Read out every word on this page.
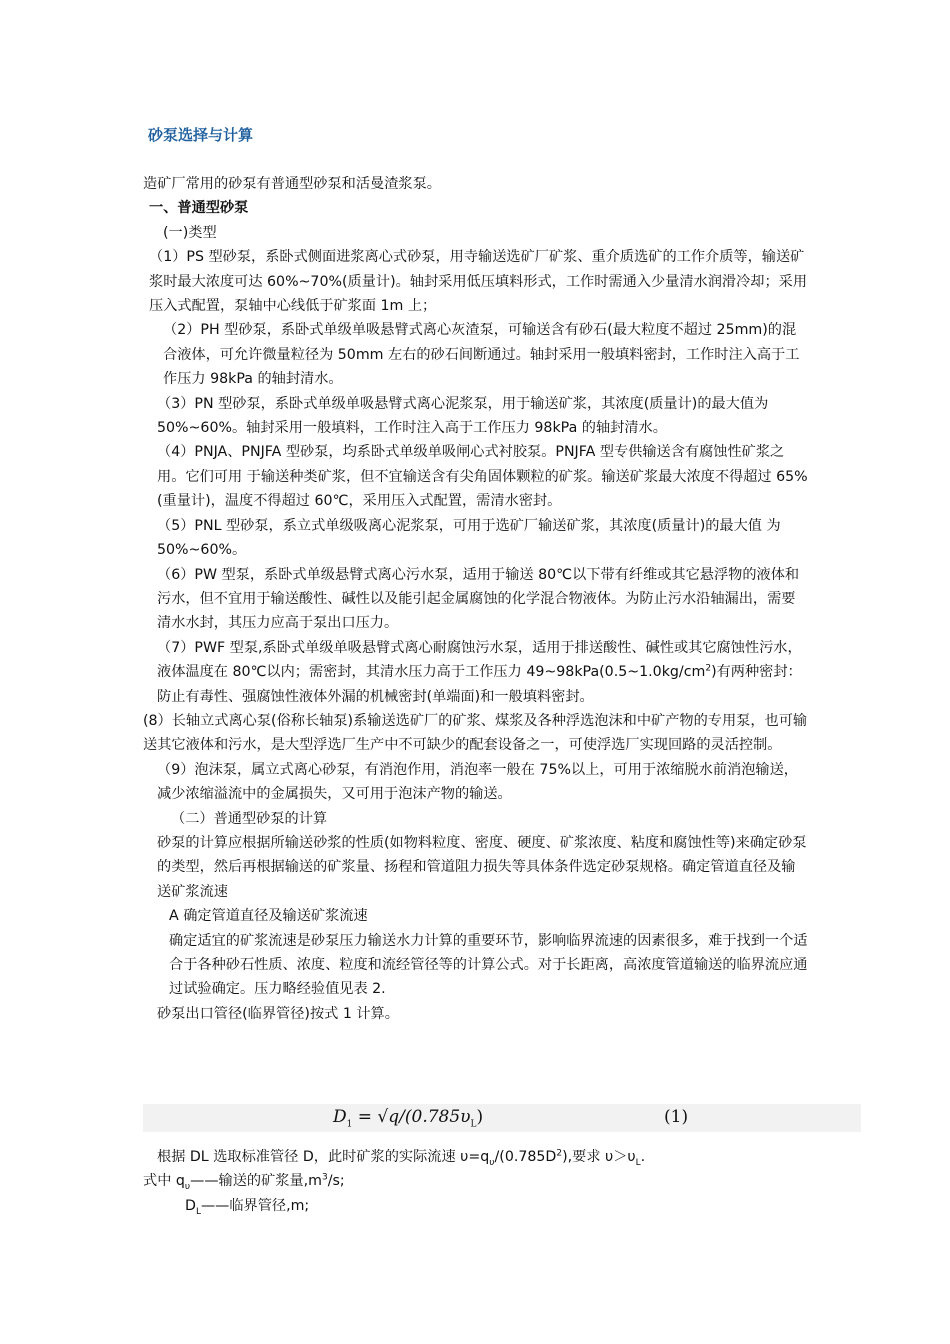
砂泵选择与计算

造矿厂常用的砂泵有普通型砂泵和活曼渣浆泵。

一、普通型砂泵

(一)类型

（1）PS 型砂泵，系卧式侧面进浆离心式砂泵，用寺输送选矿厂矿浆、重介质选矿的工作介质等，输送矿浆时最大浓度可达 60%~70%(质量计)。轴封采用低压填料形式，工作时需通入少量清水润滑冷却；采用压入式配置，泵轴中心线低于矿浆面 1m 上；

（2）PH 型砂泵，系卧式单级单吸悬臂式离心灰渣泵，可输送含有砂石(最大粒度不超过 25mm)的混合液体，可允许微量粒径为 50mm 左右的砂石间断通过。轴封采用一般填料密封，工作时注入高于工作压力 98kPa 的轴封清水。

（3）PN 型砂泵，系卧式单级单吸悬臂式离心泥浆泵，用于输送矿浆，其浓度(质量计)的最大值为 50%~60%。轴封采用一般填料，工作时注入高于工作压力 98kPa 的轴封清水。

（4）PNJA、PNJFA 型砂泵，均系卧式单级单吸闸心式衬胶泵。PNJFA 型专供输送含有腐蚀性矿浆之用。它们可用 于输送种类矿浆，但不宜输送含有尖角固体颗粒的矿浆。输送矿浆最大浓度不得超过 65%(重量计)，温度不得超过 60℃，采用压入式配置，需清水密封。

（5）PNL 型砂泵，系立式单级吸离心泥浆泵，可用于选矿厂输送矿浆，其浓度(质量计)的最大值 为 50%~60%。

（6）PW 型泵，系卧式单级悬臂式离心污水泵，适用于输送 80℃以下带有纤维或其它悬浮物的液体和污水，但不宜用于输送酸性、碱性以及能引起金属腐蚀的化学混合物液体。为防止污水沿轴漏出，需要清水水封，其压力应高于泵出口压力。

（7）PWF 型泵,系卧式单级单吸悬臂式离心耐腐蚀污水泵，适用于排送酸性、碱性或其它腐蚀性污水，液体温度在 80℃以内；需密封，其清水压力高于工作压力 $49\sim 98kPa(0.5\sim 1.0kg/cm^2)$有两种密封：防止有毒性、强腐蚀性液体外漏的机械密封(单端面)和一般填料密封。

(8）长轴立式离心泵(俗称长轴泵)系输送选矿厂的矿浆、煤浆及各种浮选泡沫和中矿产物的专用泵，也可输送其它液体和污水，是大型浮选厂生产中不可缺少的配套设备之一，可使浮选厂实现回路的灵活控制。

（9）泡沫泵，属立式离心砂泵，有消泡作用，消泡率一般在 75%以上，可用于浓缩脱水前消泡输送，减少浓缩溢流中的金属损失，又可用于泡沫产物的输送。

（二）普通型砂泵的计算

砂泵的计算应根据所输送砂浆的性质(如物料粒度、密度、硬度、矿浆浓度、粘度和腐蚀性等)来确定砂泵的类型，然后再根据输送的矿浆量、扬程和管道阻力损失等具体条件选定砂泵规格。确定管道直径及输送矿浆流速

A 确定管道直径及输送矿浆流速

确定适宜的矿浆流速是砂泵压力输送水力计算的重要环节，影响临界流速的因素很多，难于找到一个适合于各种砂石性质、浓度、粒度和流经管径等的计算公式。对于长距离，高浓度管道输送的临界流应通过试验确定。压力略经验值见表 2.

砂泵出口管径(临界管径)按式 1 计算。

$D_1 = √q/(0.785\upsilon_L)$	(1)

根据 DL 选取标准管径 D，此时矿浆的实际流速 $\upsilon=q_\upsilon/(0.785D^2)$,要求 $\upsilon>\upsilon_L$.

式中 $q_\upsilon——$输送的矿浆量$,m^3/s$;

$D_L——$临界管径,m;
